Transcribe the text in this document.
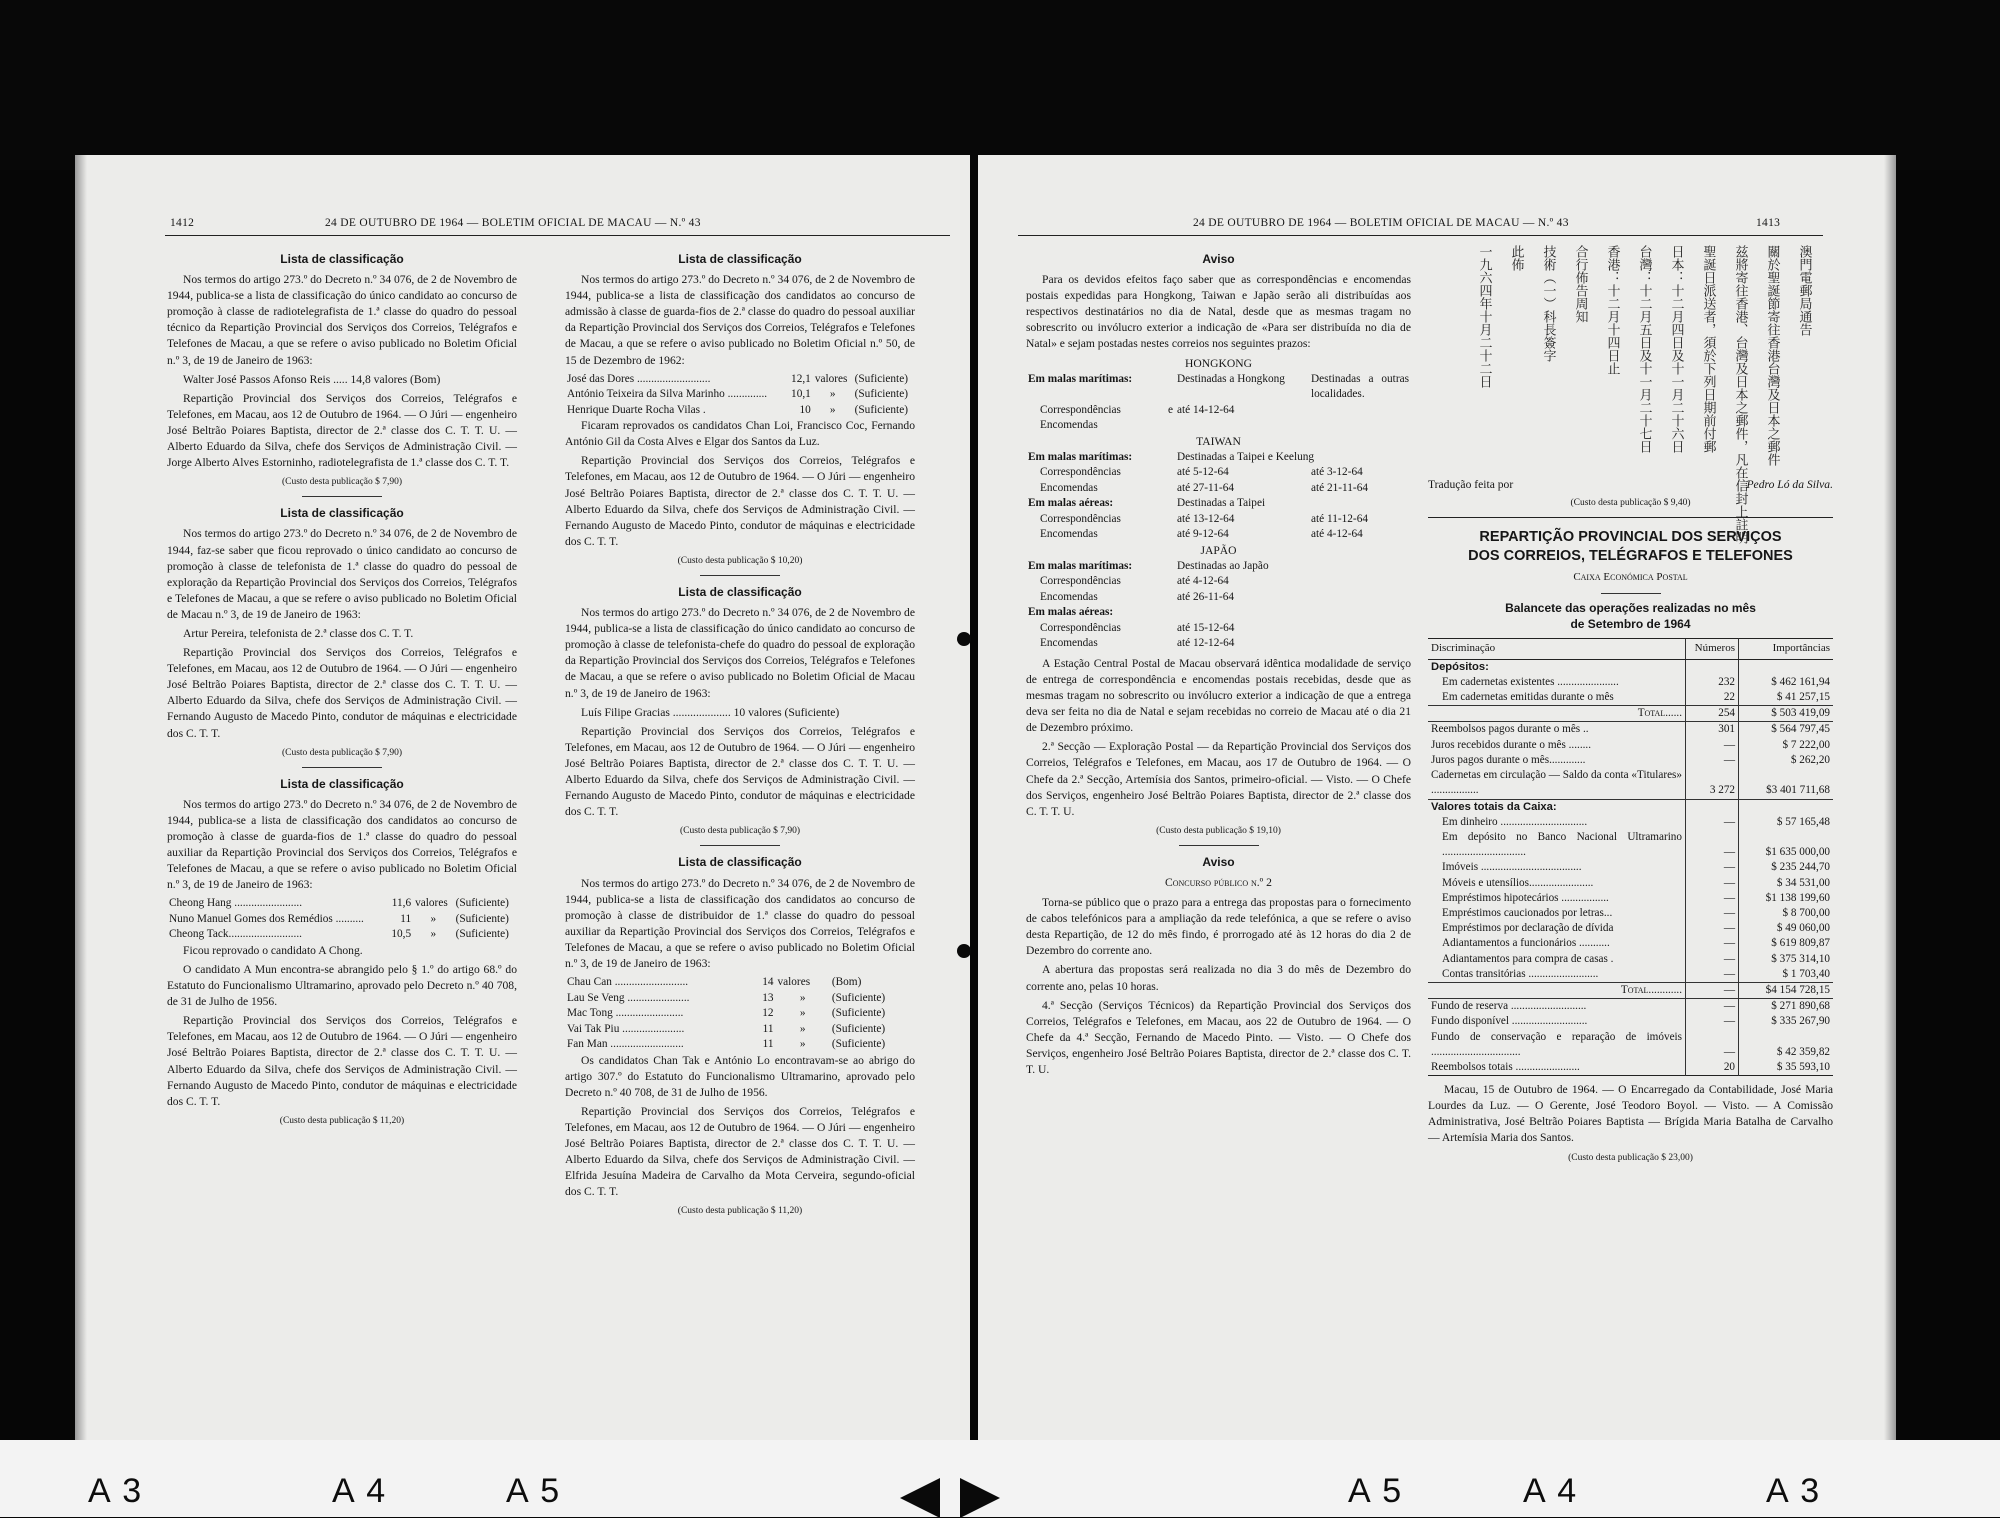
1412	24 DE OUTUBRO DE 1964 — BOLETIM OFICIAL DE MACAU — N.º 43
Lista de classificação

Nos termos do artigo 273.º do Decreto n.º 34 076, de 2 de Novembro de 1944, publica-se a lista de classificação do único candidato ao concurso de promoção à classe de radiotelegrafista de 1.ª classe do quadro do pessoal técnico da Repartição Provincial dos Serviços dos Correios, Telégrafos e Telefones de Macau, a que se refere o aviso publicado no Boletim Oficial n.º 3, de 19 de Janeiro de 1963:

Walter José Passos Afonso Reis ..... 14,8 valores (Bom)

Repartição Provincial dos Serviços dos Correios, Telégrafos e Telefones, em Macau, aos 12 de Outubro de 1964. — O Júri — engenheiro José Beltrão Poiares Baptista, director de 2.ª classe dos C. T. T. U. — Alberto Eduardo da Silva, chefe dos Serviços de Administração Civil. — Jorge Alberto Alves Estorninho, radiotelegrafista de 1.ª classe dos C. T. T.

(Custo desta publicação $ 7,90)
Lista de classificação

Nos termos do artigo 273.º do Decreto n.º 34 076, de 2 de Novembro de 1944, faz-se saber que ficou reprovado o único candidato ao concurso de promoção à classe de telefonista de 1.ª classe do quadro do pessoal de exploração da Repartição Provincial dos Serviços dos Correios, Telégrafos e Telefones de Macau, a que se refere o aviso publicado no Boletim Oficial de Macau n.º 3, de 19 de Janeiro de 1963:

Artur Pereira, telefonista de 2.ª classe dos C. T. T.

Repartição Provincial dos Serviços dos Correios, Telégrafos e Telefones, em Macau, aos 12 de Outubro de 1964. — O Júri — engenheiro José Beltrão Poiares Baptista, director de 2.ª classe dos C. T. T. U. — Alberto Eduardo da Silva, chefe dos Serviços de Administração Civil. — Fernando Augusto de Macedo Pinto, condutor de máquinas e electricidade dos C. T. T.

(Custo desta publicação $ 7,90)
Lista de classificação

Nos termos do artigo 273.º do Decreto n.º 34 076, de 2 de Novembro de 1944, publica-se a lista de classificação dos candidatos ao concurso de promoção à classe de guarda-fios de 1.ª classe do quadro do pessoal auxiliar da Repartição Provincial dos Serviços dos Correios, Telégrafos e Telefones de Macau, a que se refere o aviso publicado no Boletim Oficial n.º 3, de 19 de Janeiro de 1963:

Cheong Hang ........................	11,6	valores	(Suficiente)
Nuno Manuel Gomes dos Remédios ..........	11	»	(Suficiente)
Cheong Tack..........................	10,5	»	(Suficiente)

Ficou reprovado o candidato A Chong.

O candidato A Mun encontra-se abrangido pelo § 1.º do artigo 68.º do Estatuto do Funcionalismo Ultramarino, aprovado pelo Decreto n.º 40 708, de 31 de Julho de 1956.

Repartição Provincial dos Serviços dos Correios, Telégrafos e Telefones, em Macau, aos 12 de Outubro de 1964. — O Júri — engenheiro José Beltrão Poiares Baptista, director de 2.ª classe dos C. T. T. U. — Alberto Eduardo da Silva, chefe dos Serviços de Administração Civil. — Fernando Augusto de Macedo Pinto, condutor de máquinas e electricidade dos C. T. T.

(Custo desta publicação $ 11,20)
Lista de classificação

Nos termos do artigo 273.º do Decreto n.º 34 076, de 2 de Novembro de 1944, publica-se a lista de classificação dos candidatos ao concurso de admissão à classe de guarda-fios de 2.ª classe do quadro do pessoal auxiliar da Repartição Provincial dos Serviços dos Correios, Telégrafos e Telefones de Macau, a que se refere o aviso publicado no Boletim Oficial n.º 50, de 15 de Dezembro de 1962:

José das Dores ..........................	12,1	valores	(Suficiente)
António Teixeira da Silva Marinho ..............	10,1	»	(Suficiente)
Henrique Duarte Rocha Vilas .	10	»	(Suficiente)

Ficaram reprovados os candidatos Chan Loi, Francisco Coc, Fernando António Gil da Costa Alves e Elgar dos Santos da Luz.

Repartição Provincial dos Serviços dos Correios, Telégrafos e Telefones, em Macau, aos 12 de Outubro de 1964. — O Júri — engenheiro José Beltrão Poiares Baptista, director de 2.ª classe dos C. T. T. U. — Alberto Eduardo da Silva, chefe dos Serviços de Administração Civil. — Fernando Augusto de Macedo Pinto, condutor de máquinas e electricidade dos C. T. T.

(Custo desta publicação $ 10,20)
Lista de classificação

Nos termos do artigo 273.º do Decreto n.º 34 076, de 2 de Novembro de 1944, publica-se a lista de classificação do único candidato ao concurso de promoção à classe de telefonista-chefe do quadro do pessoal de exploração da Repartição Provincial dos Serviços dos Correios, Telégrafos e Telefones de Macau, a que se refere o aviso publicado no Boletim Oficial de Macau n.º 3, de 19 de Janeiro de 1963:

Luís Filipe Gracias .................... 10 valores (Suficiente)

Repartição Provincial dos Serviços dos Correios, Telégrafos e Telefones, em Macau, aos 12 de Outubro de 1964. — O Júri — engenheiro José Beltrão Poiares Baptista, director de 2.ª classe dos C. T. T. U. — Alberto Eduardo da Silva, chefe dos Serviços de Administração Civil. — Fernando Augusto de Macedo Pinto, condutor de máquinas e electricidade dos C. T. T.

(Custo desta publicação $ 7,90)
Lista de classificação

Nos termos do artigo 273.º do Decreto n.º 34 076, de 2 de Novembro de 1944, publica-se a lista de classificação dos candidatos ao concurso de promoção à classe de distribuidor de 1.ª classe do quadro do pessoal auxiliar da Repartição Provincial dos Serviços dos Correios, Telégrafos e Telefones de Macau, a que se refere o aviso publicado no Boletim Oficial n.º 3, de 19 de Janeiro de 1963:

Chau Can ..........................	14	valores	(Bom)
Lau Se Veng ......................	13	»	(Suficiente)
Mac Tong ........................	12	»	(Suficiente)
Vai Tak Piu ......................	11	»	(Suficiente)
Fan Man ..........................	11	»	(Suficiente)

Os candidatos Chan Tak e António Lo encontravam-se ao abrigo do artigo 307.º do Estatuto do Funcionalismo Ultramarino, aprovado pelo Decreto n.º 40 708, de 31 de Julho de 1956.

Repartição Provincial dos Serviços dos Correios, Telégrafos e Telefones, em Macau, aos 12 de Outubro de 1964. — O Júri — engenheiro José Beltrão Poiares Baptista, director de 2.ª classe dos C. T. T. U. — Alberto Eduardo da Silva, chefe dos Serviços de Administração Civil. — Elfrida Jesuína Madeira de Carvalho da Mota Cerveira, segundo-oficial dos C. T. T.

(Custo desta publicação $ 11,20)
24 DE OUTUBRO DE 1964 — BOLETIM OFICIAL DE MACAU — N.º 43	1413
Aviso

Para os devidos efeitos faço saber que as correspondências e encomendas postais expedidas para Hongkong, Taiwan e Japão serão ali distribuídas aos respectivos destinatários no dia de Natal, desde que as mesmas tragam no sobrescrito ou invólucro exterior a indicação de «Para ser distribuída no dia de Natal» e sejam postadas nestes correios nos seguintes prazos:

HONGKONG
Em malas marítimas:	Destinadas a Hongkong	Destinadas a outras localidades.
Correspondências e Encomendas	até 14-12-64	
TAIWAN
Em malas marítimas:	Destinadas a Taipei e Keelung	
Correspondências	até 5-12-64	até 3-12-64
Encomendas	até 27-11-64	até 21-11-64
Em malas aéreas:	Destinadas a Taipei	
Correspondências	até 13-12-64	até 11-12-64
Encomendas	até 9-12-64	até 4-12-64
JAPÃO
Em malas marítimas:	Destinadas ao Japão
Correspondências	até 4-12-64
Encomendas	até 26-11-64
Em malas aéreas:	
Correspondências	até 15-12-64
Encomendas	até 12-12-64

A Estação Central Postal de Macau observará idêntica modalidade de serviço de entrega de correspondência e encomendas postais recebidas, desde que as mesmas tragam no sobrescrito ou invólucro exterior a indicação de que a entrega deva ser feita no dia de Natal e sejam recebidas no correio de Macau até o dia 21 de Dezembro próximo.

2.ª Secção — Exploração Postal — da Repartição Provincial dos Serviços dos Correios, Telégrafos e Telefones, em Macau, aos 17 de Outubro de 1964. — O Chefe da 2.ª Secção, Artemísia dos Santos, primeiro-oficial. — Visto. — O Chefe dos Serviços, engenheiro José Beltrão Poiares Baptista, director de 2.ª classe dos C. T. T. U.

(Custo desta publicação $ 19,10)
Aviso
Concurso público n.º 2

Torna-se público que o prazo para a entrega das propostas para o fornecimento de cabos telefónicos para a ampliação da rede telefónica, a que se refere o aviso desta Repartição, de 12 do mês findo, é prorrogado até às 12 horas do dia 2 de Dezembro do corrente ano.

A abertura das propostas será realizada no dia 3 do mês de Dezembro do corrente ano, pelas 10 horas.

4.ª Secção (Serviços Técnicos) da Repartição Provincial dos Serviços dos Correios, Telégrafos e Telefones, em Macau, aos 22 de Outubro de 1964. — O Chefe da 4.ª Secção, Fernando de Macedo Pinto. — Visto. — O Chefe dos Serviços, engenheiro José Beltrão Poiares Baptista, director de 2.ª classe dos C. T. T. U.

澳門電郵局通告
關於聖誕節寄往香港台灣及日本之郵件
兹將寄往香港、台灣及日本之郵件，凡在信封上註明
聖誕日派送者，須於下列日期前付郵
日本：十二月四日及十一月二十六日
台灣：十二月五日及十一月二十七日
香港：十二月十四日止
合行佈告周知
技術（一）科長簽字
此佈
一九六四年十月二十二日
Tradução feita por	Pedro Ló da Silva.
(Custo desta publicação $ 9,40)
REPARTIÇÃO PROVINCIAL DOS SERVIÇOS
DOS CORREIOS, TELÉGRAFOS E TELEFONES
Caixa Económica Postal
Balancete das operações realizadas no mês
de Setembro de 1964
Discriminação	Números	Importâncias
Depósitos:		
Em cadernetas existentes ......................	232	$ 462 161,94
Em cadernetas emitidas durante o mês	22	$ 41 257,15
Total......	254	$ 503 419,09
Reembolsos pagos durante o mês ..	301	$ 564 797,45
Juros recebidos durante o mês ........	—	$ 7 222,00
Juros pagos durante o mês.............	—	$ 262,20
Cadernetas em circulação — Saldo da conta «Titulares» .................	3 272	$3 401 711,68
Valores totais da Caixa:		
Em dinheiro ...............................	—	$ 57 165,48
Em depósito no Banco Nacional Ultramarino ..............................	—	$1 635 000,00
Imóveis ....................................	—	$ 235 244,70
Móveis e utensílios.......................	—	$ 34 531,00
Empréstimos hipotecários .................	—	$1 138 199,60
Empréstimos caucionados por letras...	—	$ 8 700,00
Empréstimos por declaração de dívida	—	$ 49 060,00
Adiantamentos a funcionários ...........	—	$ 619 809,87
Adiantamentos para compra de casas .	—	$ 375 314,10
Contas transitórias .........................	—	$ 1 703,40
Total............	—	$4 154 728,15
Fundo de reserva ...........................	—	$ 271 890,68
Fundo disponível ...........................	—	$ 335 267,90
Fundo de conservação e reparação de imóveis ................................	—	$ 42 359,82
Reembolsos totais .......................	20	$ 35 593,10

Macau, 15 de Outubro de 1964. — O Encarregado da Contabilidade, José Maria Lourdes da Luz. — O Gerente, José Teodoro Boyol. — Visto. — A Comissão Administrativa, José Beltrão Poiares Baptista — Brígida Maria Batalha de Carvalho — Artemísia Maria dos Santos.

(Custo desta publicação $ 23,00)
A 3	A 4	A 5	A 5	A 4	A 3
